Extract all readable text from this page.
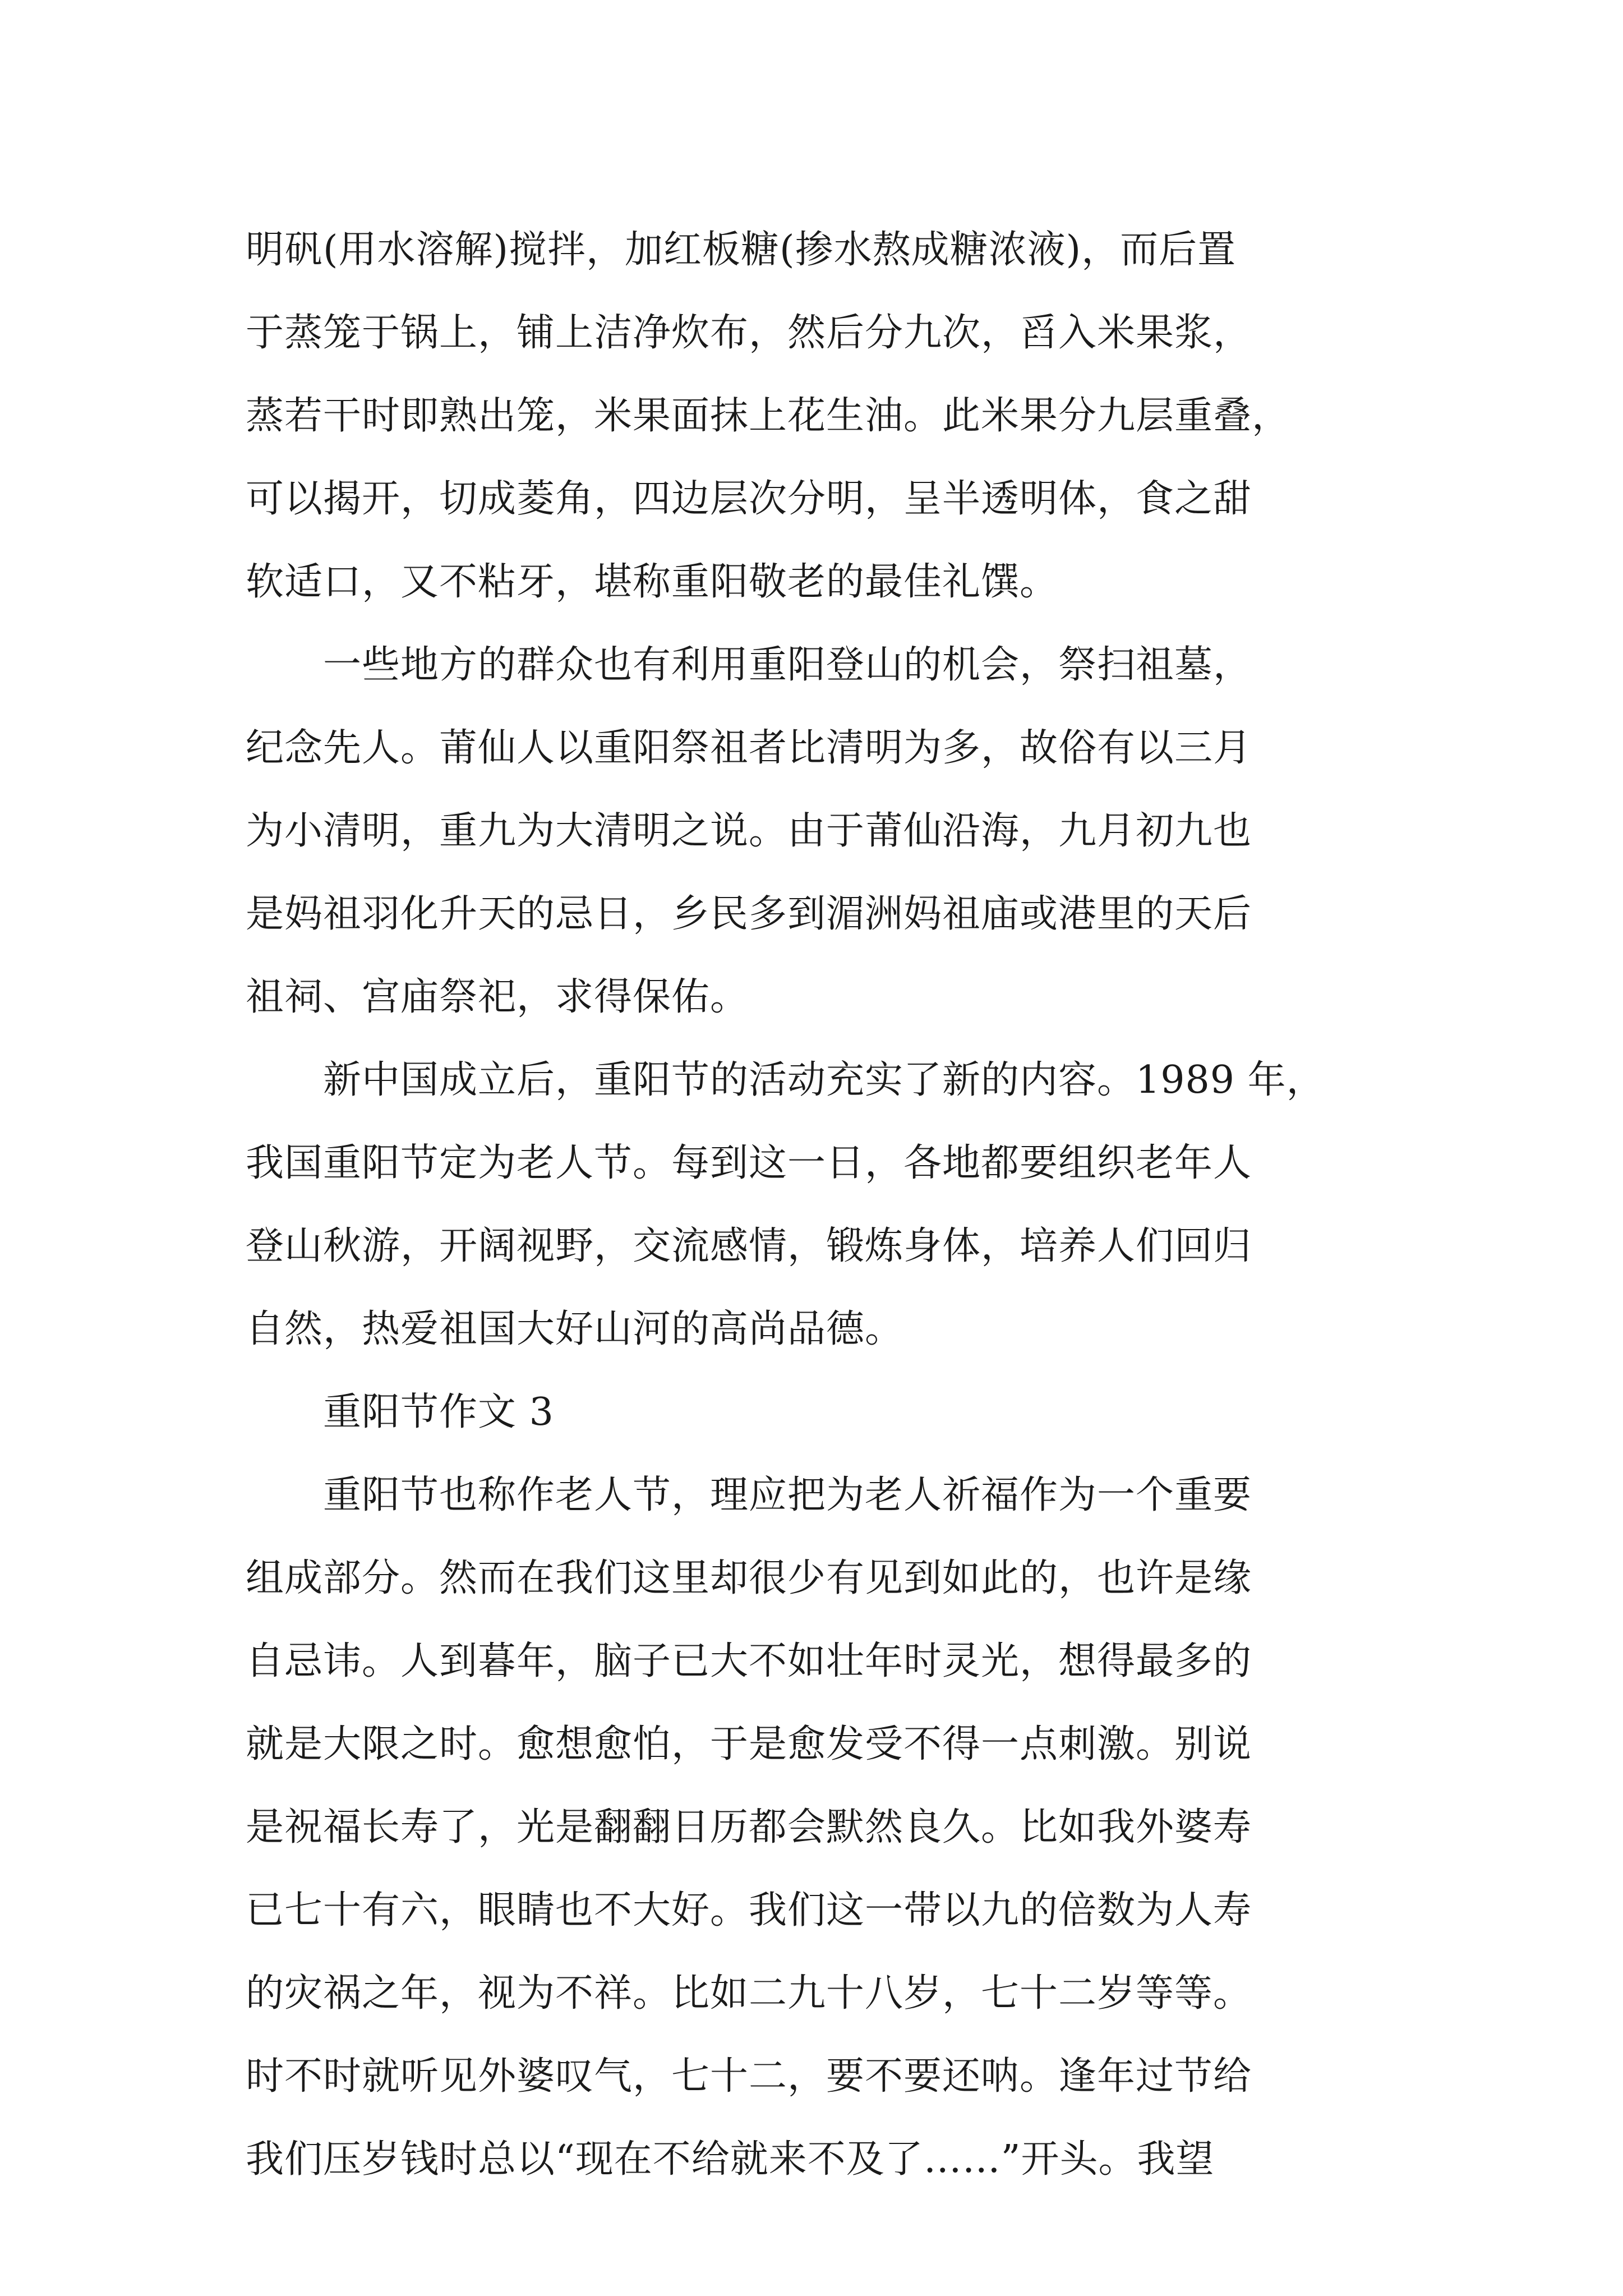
明矾(用水溶解)搅拌，加红板糖(掺水熬成糖浓液)，而后置
于蒸笼于锅上，铺上洁净炊布，然后分九次，舀入米果浆，
蒸若干时即熟出笼，米果面抹上花生油。此米果分九层重叠，
可以揭开，切成菱角，四边层次分明，呈半透明体，食之甜
软适口，又不粘牙，堪称重阳敬老的最佳礼馔。
　　一些地方的群众也有利用重阳登山的机会，祭扫祖墓，
纪念先人。莆仙人以重阳祭祖者比清明为多，故俗有以三月
为小清明，重九为大清明之说。由于莆仙沿海，九月初九也
是妈祖羽化升天的忌日，乡民多到湄洲妈祖庙或港里的天后
祖祠、宫庙祭祀，求得保佑。
　　新中国成立后，重阳节的活动充实了新的内容。1989 年，
我国重阳节定为老人节。每到这一日，各地都要组织老年人
登山秋游，开阔视野，交流感情，锻炼身体，培养人们回归
自然，热爱祖国大好山河的高尚品德。
　　重阳节作文 3
　　重阳节也称作老人节，理应把为老人祈福作为一个重要
组成部分。然而在我们这里却很少有见到如此的，也许是缘
自忌讳。人到暮年，脑子已大不如壮年时灵光，想得最多的
就是大限之时。愈想愈怕，于是愈发受不得一点刺激。别说
是祝福长寿了，光是翻翻日历都会默然良久。比如我外婆寿
已七十有六，眼睛也不大好。我们这一带以九的倍数为人寿
的灾祸之年，视为不祥。比如二九十八岁，七十二岁等等。
时不时就听见外婆叹气，七十二，要不要还呐。逢年过节给
我们压岁钱时总以“现在不给就来不及了……”开头。我望
